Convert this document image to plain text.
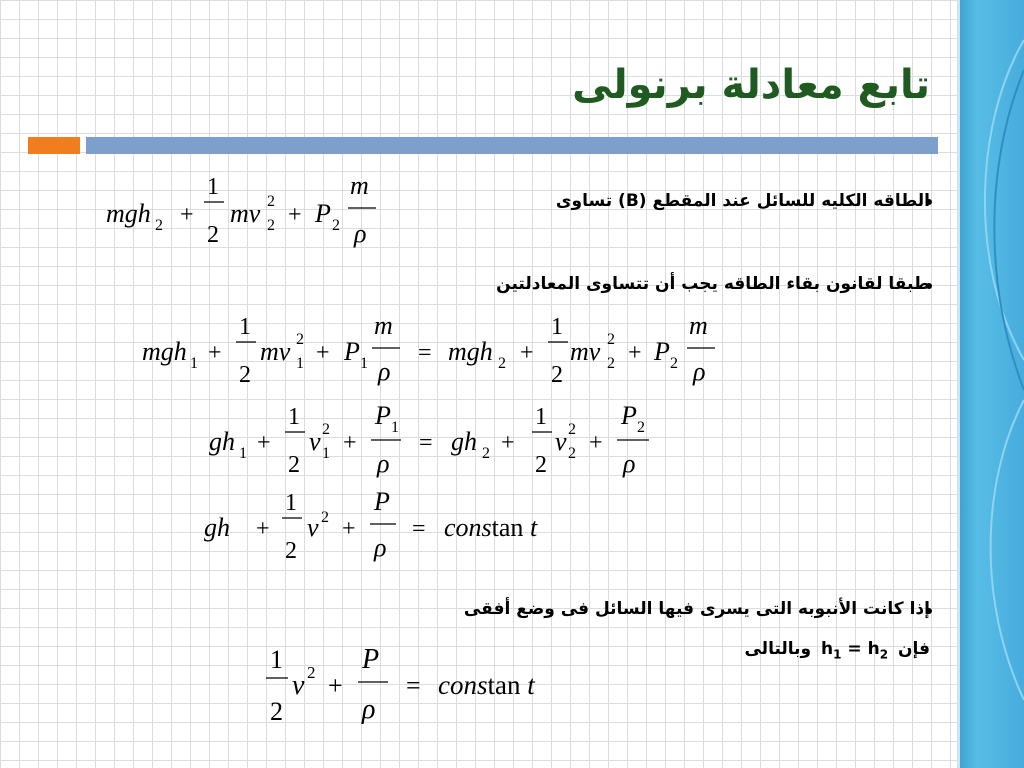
تابع معادلة برنولى
الطاقه الكليه للسائل عند المقطع (B) تساوى
mgh 2 +
1
2
mv 2
2 + P 2
m
ρ
طبقا لقانون بقاء الطاقه يجب أن تتساوى المعادلتين
mgh 1 +
1
2
mv 2
1 + P 1
m
ρ
= mgh 2 +
1
2
mv 2
2 + P 2
m
ρ
gh 1 +
1
2
v 2
1 +
P 1
ρ
= gh 2 +
1
2
v 2
2 +
P 2
ρ
gh +
1
2
v 2 +
P
ρ
= constan t
إذا كانت الأنبوبه التى يسرى فيها السائل فى وضع أفقى
فإن $h_1 = h_2$ وبالتالى
1
2
v 2 +
P
ρ
= constan t
